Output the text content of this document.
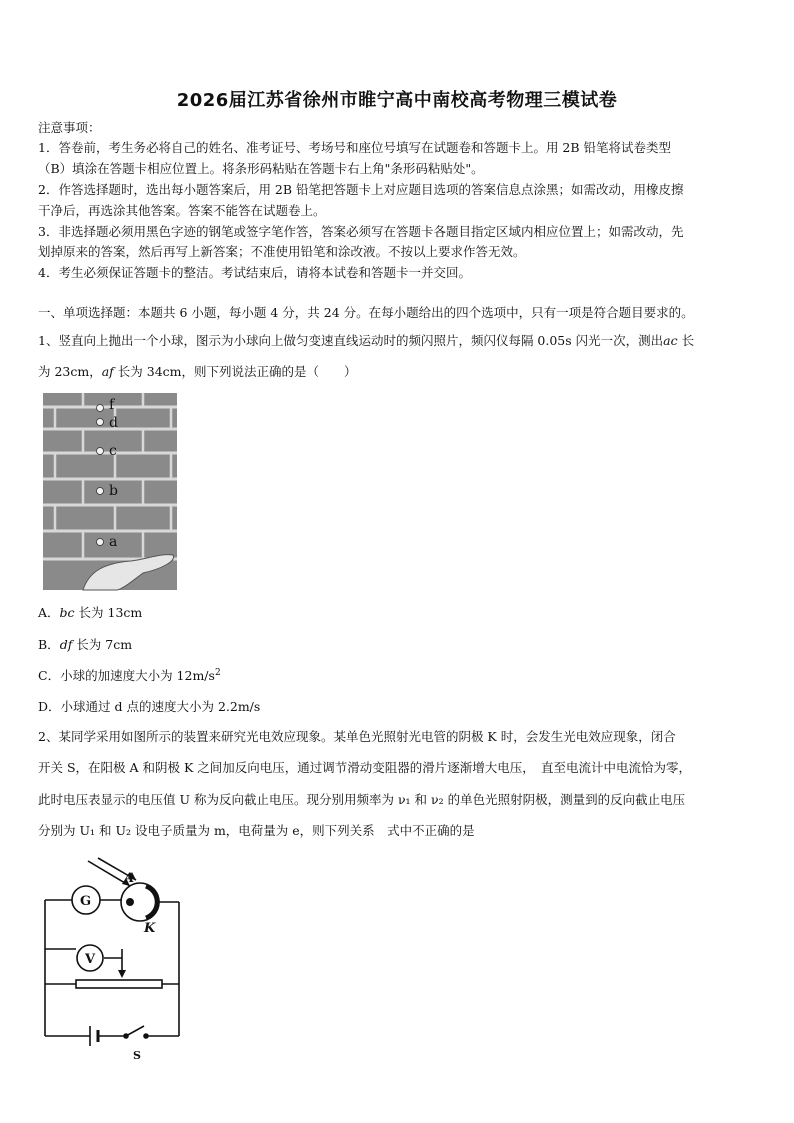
2026届江苏省徐州市睢宁高中南校高考物理三模试卷
注意事项：
1．答卷前，考生务必将自己的姓名、准考证号、考场号和座位号填写在试题卷和答题卡上。用 2B 铅笔将试卷类型
（B）填涂在答题卡相应位置上。将条形码粘贴在答题卡右上角"条形码粘贴处"。
2．作答选择题时，选出每小题答案后，用 2B 铅笔把答题卡上对应题目选项的答案信息点涂黑；如需改动，用橡皮擦
干净后，再选涂其他答案。答案不能答在试题卷上。
3．非选择题必须用黑色字迹的钢笔或签字笔作答，答案必须写在答题卡各题目指定区域内相应位置上；如需改动，先
划掉原来的答案，然后再写上新答案；不准使用铅笔和涂改液。不按以上要求作答无效。
4．考生必须保证答题卡的整洁。考试结束后，请将本试卷和答题卡一并交回。
一、单项选择题：本题共 6 小题，每小题 4 分，共 24 分。在每小题给出的四个选项中，只有一项是符合题目要求的。
1、竖直向上抛出一个小球，图示为小球向上做匀变速直线运动时的频闪照片，频闪仪每隔 0.05s 闪光一次，测出ac 长
为 23cm，af 长为 34cm，则下列说法正确的是（　　）
f
d
c
b
a
A．bc 长为 13cm
B．df 长为 7cm
C．小球的加速度大小为 $12m/s^2$
D．小球通过 d 点的速度大小为 2.2m/s
2、某同学采用如图所示的装置来研究光电效应现象。某单色光照射光电管的阴极 K 时，会发生光电效应现象，闭合
开关 S，在阳极 A 和阴极 K 之间加反向电压，通过调节滑动变阻器的滑片逐渐增大电压，　直至电流计中电流恰为零，
此时电压表显示的电压值 U 称为反向截止电压。现分别用频率为 ν₁ 和 ν₂ 的单色光照射阴极，测量到的反向截止电压
分别为 U₁ 和 U₂ 设电子质量为 m，电荷量为 e，则下列关系　式中不正确的是
G
A
K
V
S
